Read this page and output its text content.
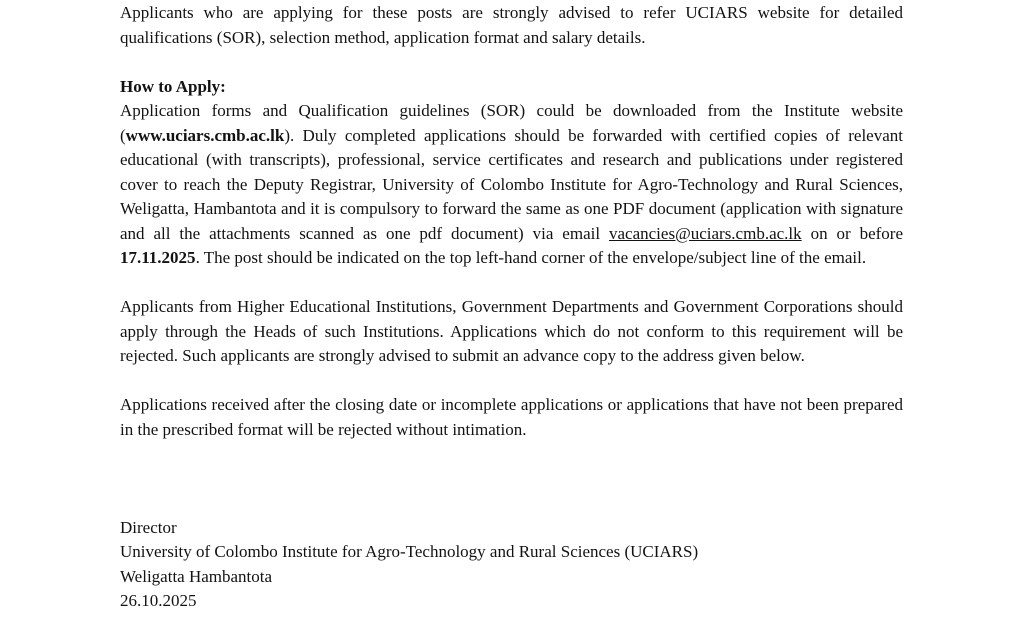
Applicants who are applying for these posts are strongly advised to refer UCIARS website for detailed qualifications (SOR), selection method, application format and salary details.

How to Apply:

Application forms and Qualification guidelines (SOR) could be downloaded from the Institute website (www.uciars.cmb.ac.lk). Duly completed applications should be forwarded with certified copies of relevant educational (with transcripts), professional, service certificates and research and publications under registered cover to reach the Deputy Registrar, University of Colombo Institute for Agro-Technology and Rural Sciences, Weligatta, Hambantota and it is compulsory to forward the same as one PDF document (application with signature and all the attachments scanned as one pdf document) via email vacancies@uciars.cmb.ac.lk on or before 17.11.2025. The post should be indicated on the top left-hand corner of the envelope/subject line of the email.

Applicants from Higher Educational Institutions, Government Departments and Government Corporations should apply through the Heads of such Institutions. Applications which do not conform to this requirement will be rejected. Such applicants are strongly advised to submit an advance copy to the address given below.

Applications received after the closing date or incomplete applications or applications that have not been prepared in the prescribed format will be rejected without intimation.

Director
University of Colombo Institute for Agro-Technology and Rural Sciences (UCIARS)
Weligatta Hambantota
26.10.2025
